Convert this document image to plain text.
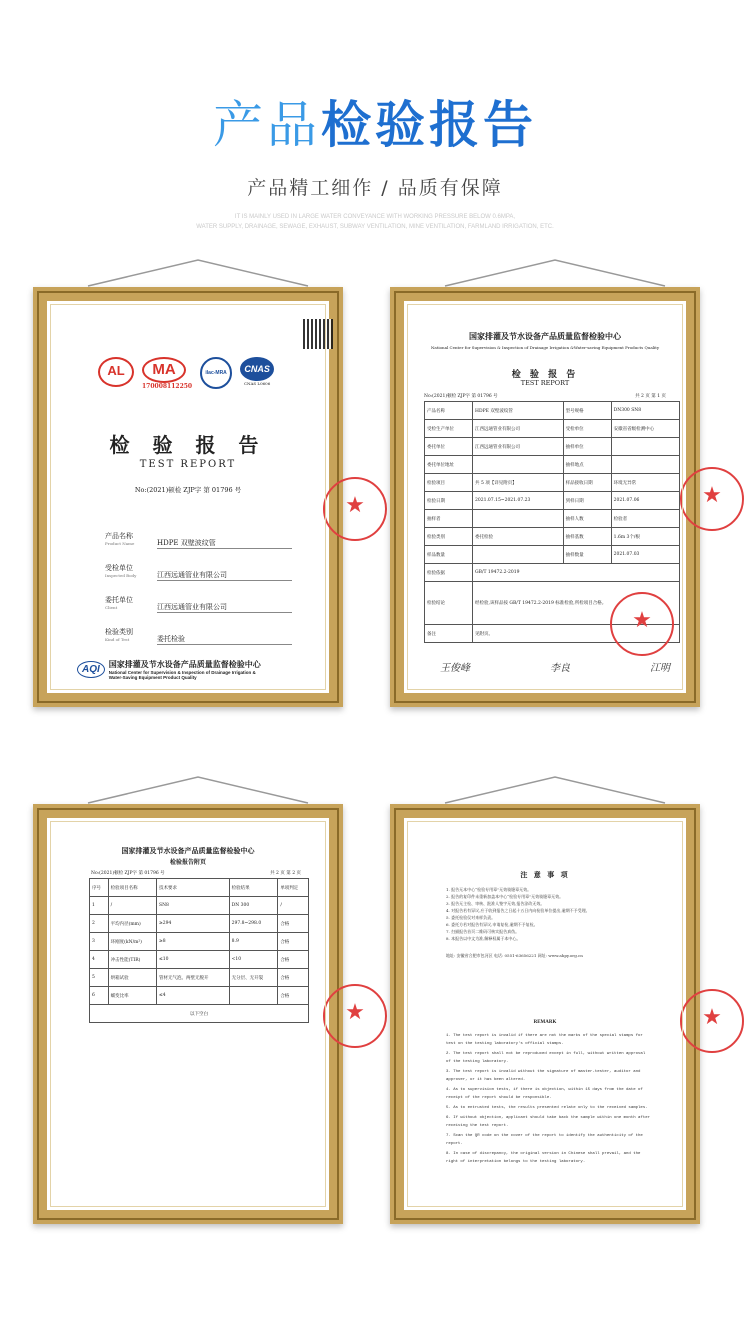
产品检验报告
产品精工细作 / 品质有保障
IT IS MAINLY USED IN LARGE WATER CONVEYANCE WITH WORKING PRESSURE BELOW 0.6MPA,
WATER SUPPLY, DRAINAGE, SEWAGE, EXHAUST, SUBWAY VENTILATION, MINE VENTILATION, FARMLAND IRRIGATION, ETC.
AL	MA
170008112250
ilac-MRA	CNAS
CNAS L0606
检 验 报 告
TEST REPORT
No:(2021)顿检 ZJP字 第 01796 号
产品名称
Product Name	HDPE 双壁波纹管
受检单位
Inspected Body	江西远通管业有限公司
委托单位
Client	江西远通管业有限公司
检验类别
Kind of Test	委托检验
AQI	国家排灌及节水设备产品质量监督检验中心
National Center for Supervision & Inspection of Drainage Irrigation &
Water-Saving Equipment Product Quality
★
国家排灌及节水设备产品质量监督检验中心
National Center for Supervision & Inspection of Drainage Irrigation &Water-saving Equipment Products Quality
检 验 报 告
TEST REPORT
No:(2021)顿检 ZJP字 第 01796 号	共 2 页 第 1 页
产品名称	HDPE 双壁波纹管	型号规格	DN300 SN8
受检生产单位	江西远通管业有限公司	受检单位	安徽省省级检测中心
委托单位	江西远通管业有限公司	抽样单位	
委托单位地址		抽样地点	
检验项目	共 5 项【详见附页】	样品接收日期	环境无异常
检验日期	2021.07.15~2021.07.23	到样日期	2021.07.06
抽样者		抽样人数	检验者
检验类别	委托检验	抽样基数	1.6m 3个/根
样品数量		抽样数量	2021.07.03
检验依据	GB/T 19472.2-2019		
检验结论	经检验,该样品按 GB/T 19472.2-2019 标准检验,所检项目合格。		
备注	见附页。		
王俊峰	李良	江明
★
★
国家排灌及节水设备产品质量监督检验中心
检验报告附页
No:(2021)顿检 ZJP字 第 01796 号	共 2 页 第 2 页
序号	检验项目名称	技术要求	检验结果	单项判定
1	/	SN8	DN 300	/
2	平均内径(mm)	≥294	297.8~298.0	合格
3	环刚度(kN/m²)	≥8	8.9	合格
4	冲击性能(TIR)	≤10	<10	合格
5	烘箱试验	管材无气泡、两壁无脱开	无分层、无开裂	合格
6	蠕变比率	≤4		合格
以下空白					★
注 意 事 项
1. 报告无本中心“检验专用章”无效骑缝章无效。
2. 报告的复印件未重新加盖本中心“检验专用章”无效骑缝章无效。
3. 报告无主检、审核、批准人签字无效,报告涂改无效。
4. 对报告若有异议,应于收到报告之日起十五日内向检验单位提出,逾期不予受理。
5. 委托检验仅对来样负责。
6. 委托方若对报告有异议,申请复检,逾期不予复检。
7. 扫描报告首页二维码可核实报告真伪。
8. 本报告以中文为准,解释权属于本中心。
地址: 安徽省合肥市包河区 电话: 0551-63656221 网址: www.ahpy.org.cn
REMARK
1. The test report is invalid if there are not the marks of the special stamps for test on the testing laboratory's official stamps.
2. The test report shall not be reproduced except in full, without written approval of the testing laboratory.
3. The test report is invalid without the signature of master-tester, auditor and approver, or it has been altered.
4. As to supervision tests, if there is objection, within 15 days from the date of receipt of the report should be responsible.
5. As to entrusted tests, the results presented relate only to the received samples.
6. If without objection, applicant should take back the sample within one month after receiving the test report.
7. Scan the QR code on the cover of the report to identify the authenticity of the report.
8. In case of discrepancy, the original version in Chinese shall prevail, and the right of interpretation belongs to the testing laboratory.
★
